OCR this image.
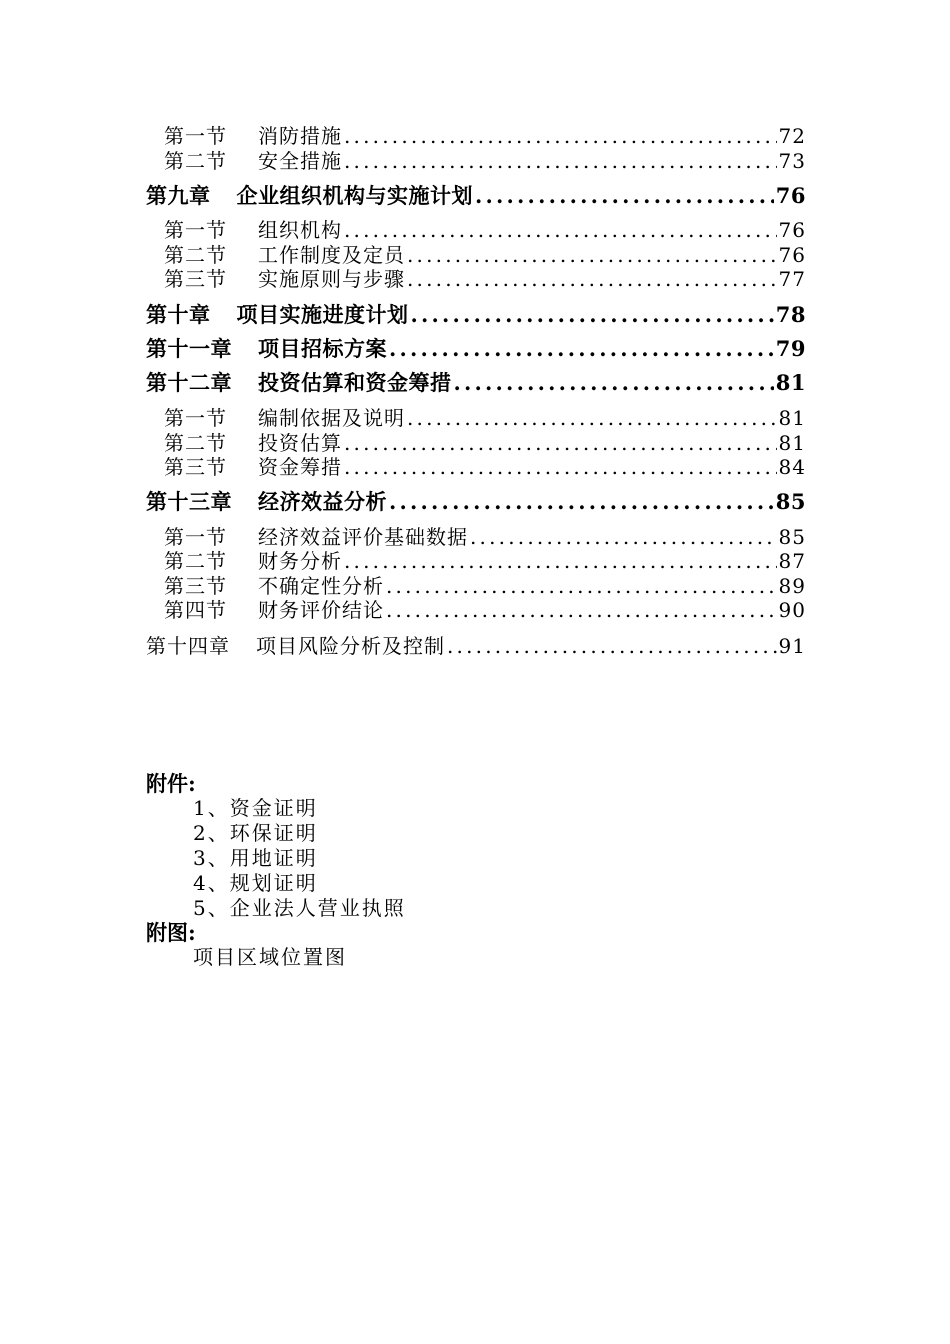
第一节	消防措施 .....	72
第二节	安全措施 .....	73
第九章 企业组织机构与实施计划 .....	76
第一节	组织机构 .....	76
第二节	工作制度及定员 .....	76
第三节	实施原则与步骤 .....	77
第十章 项目实施进度计划 .....	78
第十一章 项目招标方案 .....	79
第十二章 投资估算和资金筹措 .....	81
第一节	编制依据及说明 .....	81
第二节	投资估算 .....	81
第三节	资金筹措 .....	84
第十三章 经济效益分析 .....	85
第一节	经济效益评价基础数据 .....	85
第二节	财务分析 .....	87
第三节	不确定性分析 .....	89
第四节	财务评价结论 .....	90
第十四章 项目风险分析及控制 .....	91
附件:
1、资金证明
2、环保证明
3、用地证明
4、规划证明
5、企业法人营业执照
附图:
项目区域位置图
